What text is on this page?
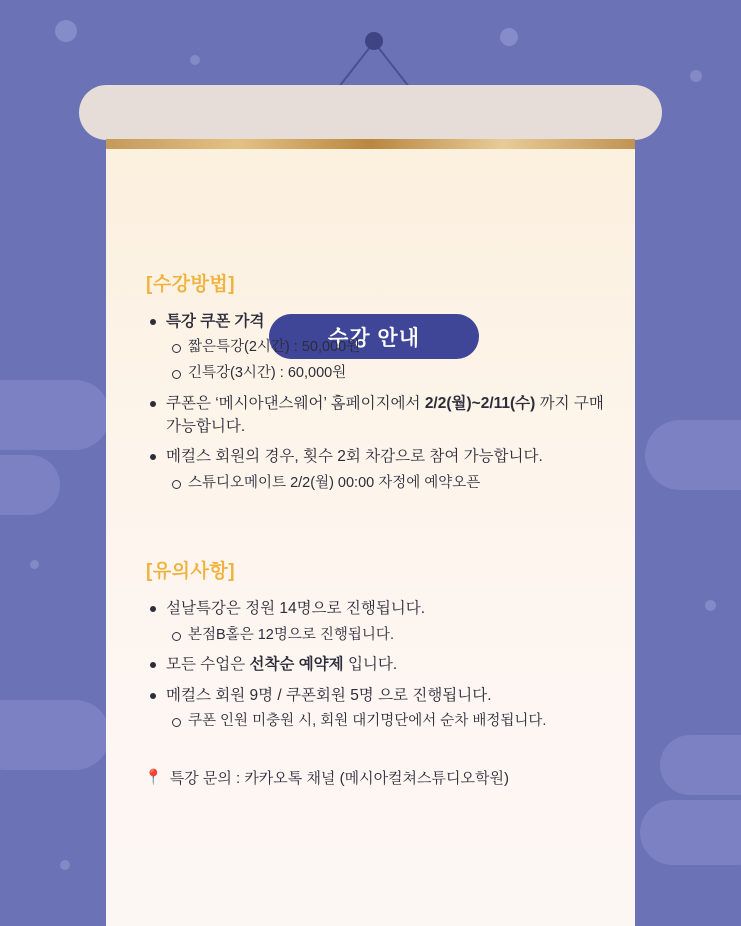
수강 안내
[수강방법]
특강 쿠폰 가격
짧은특강(2시간) : 50,000원
긴특강(3시간) : 60,000원
쿠폰은 ‘메시아댄스웨어’ 홈페이지에서 2/2(월)~2/11(수) 까지 구매 가능합니다.
메컬스 회원의 경우, 횟수 2회 차감으로 참여 가능합니다.
스튜디오메이트 2/2(월) 00:00 자정에 예약오픈
[유의사항]
설날특강은 정원 14명으로 진행됩니다.
본점B홀은 12명으로 진행됩니다.
모든 수업은 선착순 예약제 입니다.
메컬스 회원 9명 / 쿠폰회원 5명 으로 진행됩니다.
쿠폰 인원 미충원 시, 회원 대기명단에서 순차 배정됩니다.
📍 특강 문의 : 카카오톡 채널 (메시아컬쳐스튜디오학원)
